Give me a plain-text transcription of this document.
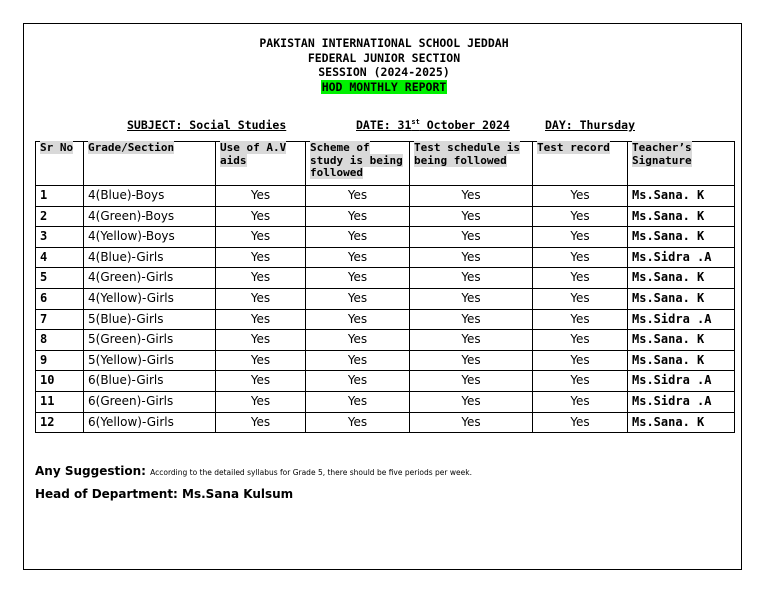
PAKISTAN INTERNATIONAL SCHOOL JEDDAH
FEDERAL JUNIOR SECTION
SESSION (2024-2025)
HOD MONTHLY REPORT
SUBJECT: Social Studies	DATE: 31st October 2024	DAY: Thursday
Sr No	Grade/Section	Use of A.V aids	Scheme of study is being followed	Test schedule is being followed	Test record	Teacher’s Signature
1	4(Blue)-Boys	Yes	Yes	Yes	Yes	Ms.Sana. K
2	4(Green)-Boys	Yes	Yes	Yes	Yes	Ms.Sana. K
3	4(Yellow)-Boys	Yes	Yes	Yes	Yes	Ms.Sana. K
4	4(Blue)-Girls	Yes	Yes	Yes	Yes	Ms.Sidra .A
5	4(Green)-Girls	Yes	Yes	Yes	Yes	Ms.Sana. K
6	4(Yellow)-Girls	Yes	Yes	Yes	Yes	Ms.Sana. K
7	5(Blue)-Girls	Yes	Yes	Yes	Yes	Ms.Sidra .A
8	5(Green)-Girls	Yes	Yes	Yes	Yes	Ms.Sana. K
9	5(Yellow)-Girls	Yes	Yes	Yes	Yes	Ms.Sana. K
10	6(Blue)-Girls	Yes	Yes	Yes	Yes	Ms.Sidra .A
11	6(Green)-Girls	Yes	Yes	Yes	Yes	Ms.Sidra .A
12	6(Yellow)-Girls	Yes	Yes	Yes	Yes	Ms.Sana. K
Any Suggestion: According to the detailed syllabus for Grade 5, there should be five periods per week.
Head of Department: Ms.Sana Kulsum
